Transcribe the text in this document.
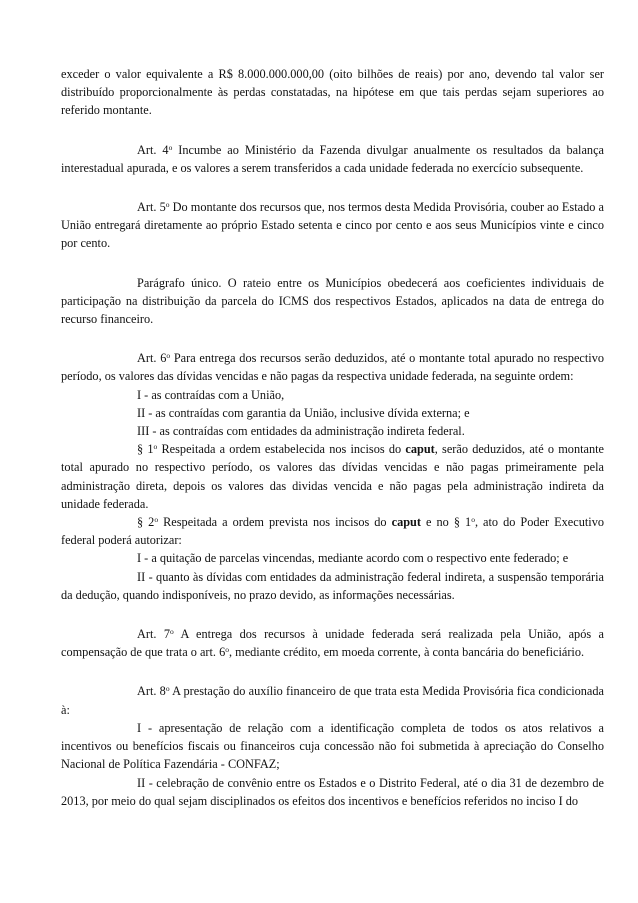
exceder o valor equivalente a R$ 8.000.000.000,00 (oito bilhões de reais) por ano, devendo tal valor ser distribuído proporcionalmente às perdas constatadas, na hipótese em que tais perdas sejam superiores ao referido montante.

Art. 4$^o$ Incumbe ao Ministério da Fazenda divulgar anualmente os resultados da balança interestadual apurada, e os valores a serem transferidos a cada unidade federada no exercício subsequente.

Art. 5$^o$ Do montante dos recursos que, nos termos desta Medida Provisória, couber ao Estado a União entregará diretamente ao próprio Estado setenta e cinco por cento e aos seus Municípios vinte e cinco por cento.

Parágrafo único. O rateio entre os Municípios obedecerá aos coeficientes individuais de participação na distribuição da parcela do ICMS dos respectivos Estados, aplicados na data de entrega do recurso financeiro.

Art. 6$^o$ Para entrega dos recursos serão deduzidos, até o montante total apurado no respectivo período, os valores das dívidas vencidas e não pagas da respectiva unidade federada, na seguinte ordem:

I - as contraídas com a União,

II - as contraídas com garantia da União, inclusive dívida externa; e

III - as contraídas com entidades da administração indireta federal.

§ 1$^o$ Respeitada a ordem estabelecida nos incisos do caput, serão deduzidos, até o montante total apurado no respectivo período, os valores das dívidas vencidas e não pagas primeiramente pela administração direta, depois os valores das dividas vencida e não pagas pela administração indireta da unidade federada.

§ 2$^o$ Respeitada a ordem prevista nos incisos do caput e no § 1$^o$, ato do Poder Executivo federal poderá autorizar:

I - a quitação de parcelas vincendas, mediante acordo com o respectivo ente federado; e

II - quanto às dívidas com entidades da administração federal indireta, a suspensão temporária da dedução, quando indisponíveis, no prazo devido, as informações necessárias.

Art. 7$^o$ A entrega dos recursos à unidade federada será realizada pela União, após a compensação de que trata o art. 6$^o$, mediante crédito, em moeda corrente, à conta bancária do beneficiário.

Art. 8$^o$ A prestação do auxílio financeiro de que trata esta Medida Provisória fica condicionada à:

I - apresentação de relação com a identificação completa de todos os atos relativos a incentivos ou benefícios fiscais ou financeiros cuja concessão não foi submetida à apreciação do Conselho Nacional de Política Fazendária - CONFAZ;

II - celebração de convênio entre os Estados e o Distrito Federal, até o dia 31 de dezembro de 2013, por meio do qual sejam disciplinados os efeitos dos incentivos e benefícios referidos no inciso I do
